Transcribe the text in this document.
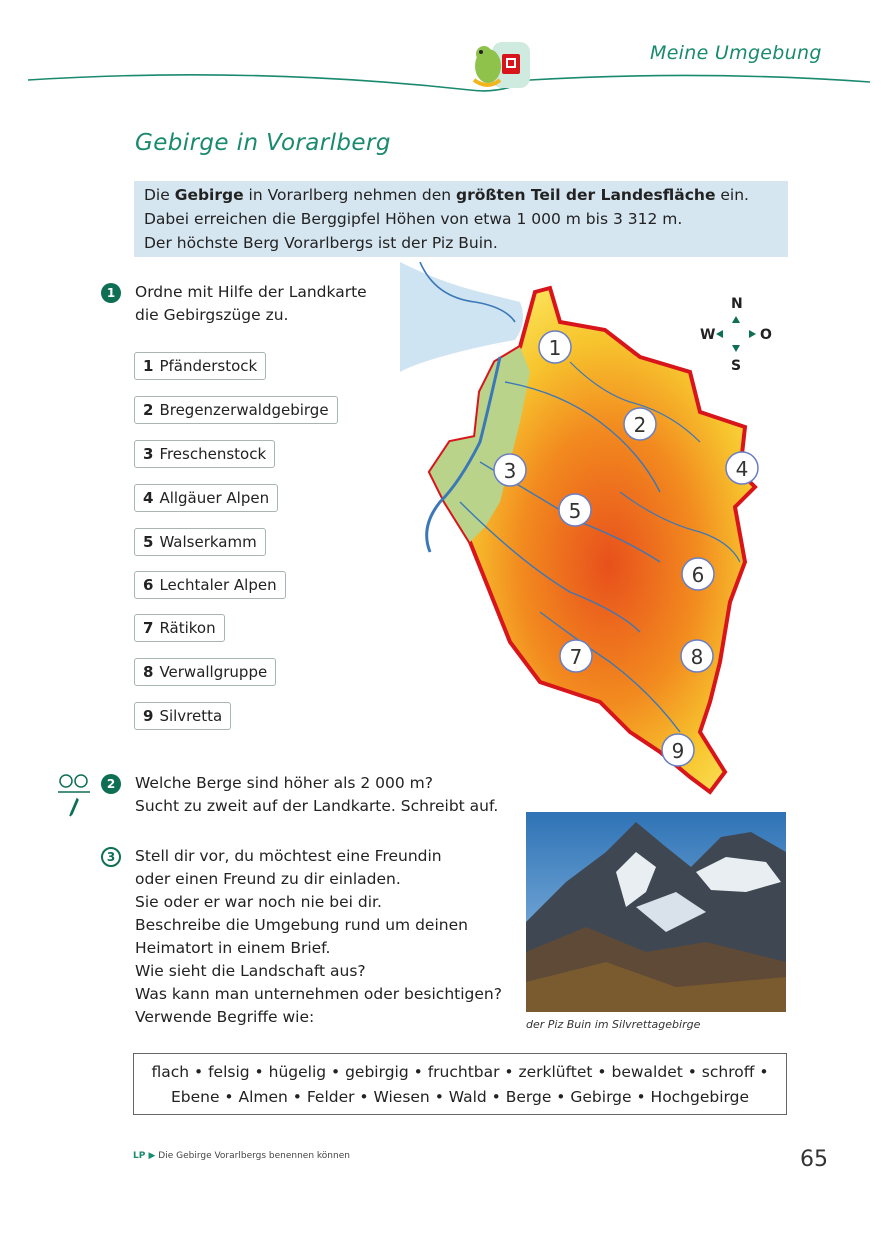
Meine Umgebung
Gebirge in Vorarlberg
Die Gebirge in Vorarlberg nehmen den größten Teil der Landesfläche ein.
Dabei erreichen die Berggipfel Höhen von etwa 1 000 m bis 3 312 m.
Der höchste Berg Vorarlbergs ist der Piz Buin.
1	Ordne mit Hilfe der Landkarte
die Gebirgszüge zu.
1 Pfänderstock
2 Bregenzerwaldgebirge
3 Freschenstock
4 Allgäuer Alpen
5 Walserkamm
6 Lechtaler Alpen
7 Rätikon
8 Verwallgruppe
9 Silvretta
1
2
3	4
5
6
7	8
9
N
W	O
S
2	Welche Berge sind höher als 2 000 m?
Sucht zu zweit auf der Landkarte. Schreibt auf.
3	Stell dir vor, du möchtest eine Freundin
oder einen Freund zu dir einladen.
Sie oder er war noch nie bei dir.
Beschreibe die Umgebung rund um deinen
Heimatort in einem Brief.
Wie sieht die Landschaft aus?
Was kann man unternehmen oder besichtigen?
Verwende Begriffe wie:	der Piz Buin im Silvrettagebirge
flach • felsig • hügelig • gebirgig • fruchtbar • zerklüftet • bewaldet • schroff •
Ebene • Almen • Felder • Wiesen • Wald • Berge • Gebirge • Hochgebirge
LP ▶ Die Gebirge Vorarlbergs benennen können	65
